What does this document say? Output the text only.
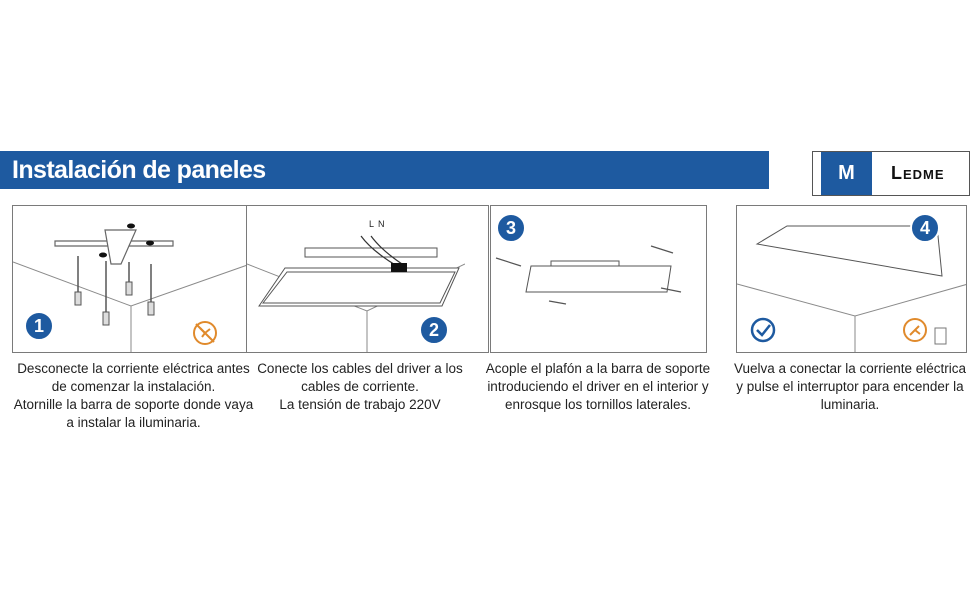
Instalación de paneles	M	Ledme
1
Desconecte la corriente eléctrica antes
de comenzar la instalación.
Atornille la barra de soporte donde vaya
a instalar la iluminaria.
L N
2
Conecte los cables del driver a los
cables de corriente.
La tensión de trabajo 220V
3
Acople el plafón a la barra de soporte
introduciendo el driver en el interior y
enrosque los tornillos laterales.
4
Vuelva a conectar la corriente eléctrica
y pulse el interruptor para encender la
luminaria.
